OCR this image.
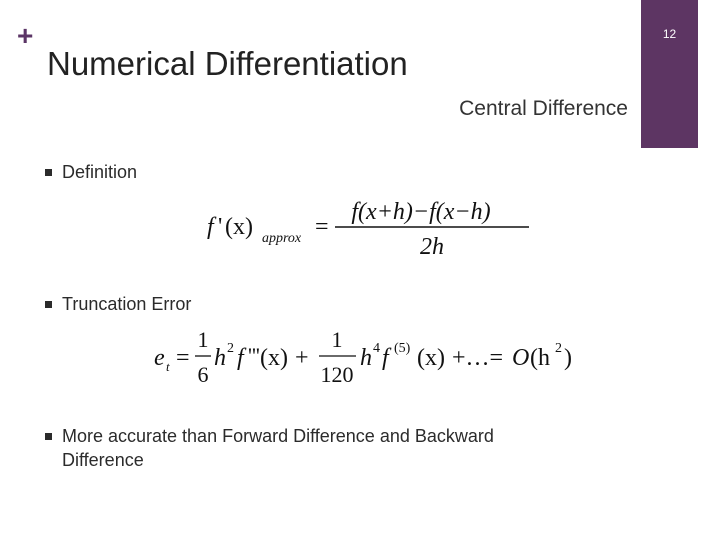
+	12
Numerical Differentiation
Central Difference
Definition
f ' (x) approx =
f(x+h)−f(x−h)
2h
Truncation Error
e t =
1
6
h 2 f ''' (x) +
1
120
h 4 f (5) (x) +…= O (h 2 )
More accurate than Forward Difference and Backward Difference
